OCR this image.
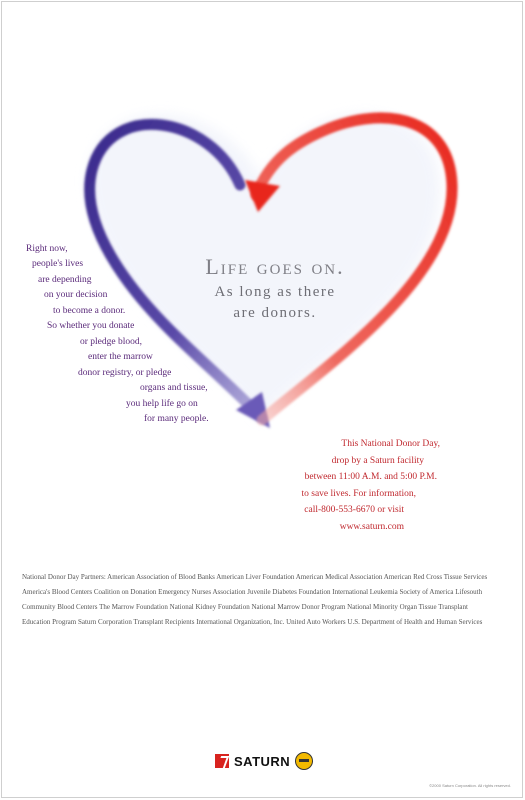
Life goes on.
As long as there
are donors.
Right now,
people's lives
are depending
on your decision
to become a donor.
So whether you donate
or pledge blood,
enter the marrow
donor registry, or pledge
organs and tissue,
you help life go on
for many people.
This National Donor Day,
drop by a Saturn facility
between 11:00 A.M. and 5:00 P.M.
to save lives. For information,
call-800-553-6670 or visit www.saturn.com
National Donor Day Partners: American Association of Blood Banks American Liver Foundation American Medical Association American Red Cross Tissue Services
America's Blood Centers Coalition on Donation Emergency Nurses Association Juvenile Diabetes Foundation International Leukemia Society of America Lifesouth
Community Blood Centers The Marrow Foundation National Kidney Foundation National Marrow Donor Program National Minority Organ Tissue Transplant
Education Program Saturn Corporation Transplant Recipients International Organization, Inc. United Auto Workers U.S. Department of Health and Human Services
SATURN
©2000 Saturn Corporation. All rights reserved.
